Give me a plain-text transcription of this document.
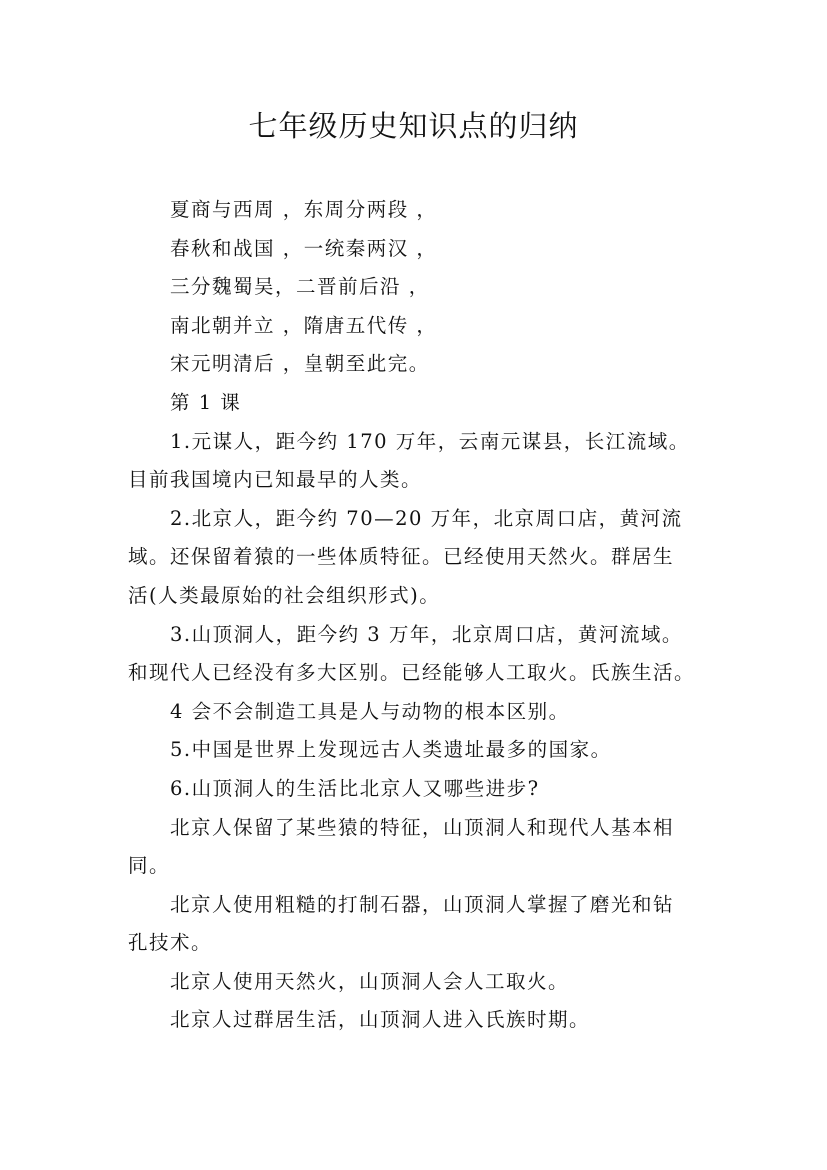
七年级历史知识点的归纳
夏商与西周 ，东周分两段 ，
春秋和战国 ，一统秦两汉 ，
三分魏蜀吴，二晋前后沿 ，
南北朝并立 ，隋唐五代传 ，
宋元明清后 ，皇朝至此完。
第 1 课
1.元谋人，距今约 170 万年，云南元谋县，长江流域。
目前我国境内已知最早的人类。
2.北京人，距今约 70—20 万年，北京周口店，黄河流
域。还保留着猿的一些体质特征。已经使用天然火。群居生
活(人类最原始的社会组织形式)。
3.山顶洞人，距今约 3 万年，北京周口店，黄河流域。
和现代人已经没有多大区别。已经能够人工取火。氏族生活。
4 会不会制造工具是人与动物的根本区别。
5.中国是世界上发现远古人类遗址最多的国家。
6.山顶洞人的生活比北京人又哪些进步?
北京人保留了某些猿的特征，山顶洞人和现代人基本相
同。
北京人使用粗糙的打制石器，山顶洞人掌握了磨光和钻
孔技术。
北京人使用天然火，山顶洞人会人工取火。
北京人过群居生活，山顶洞人进入氏族时期。
